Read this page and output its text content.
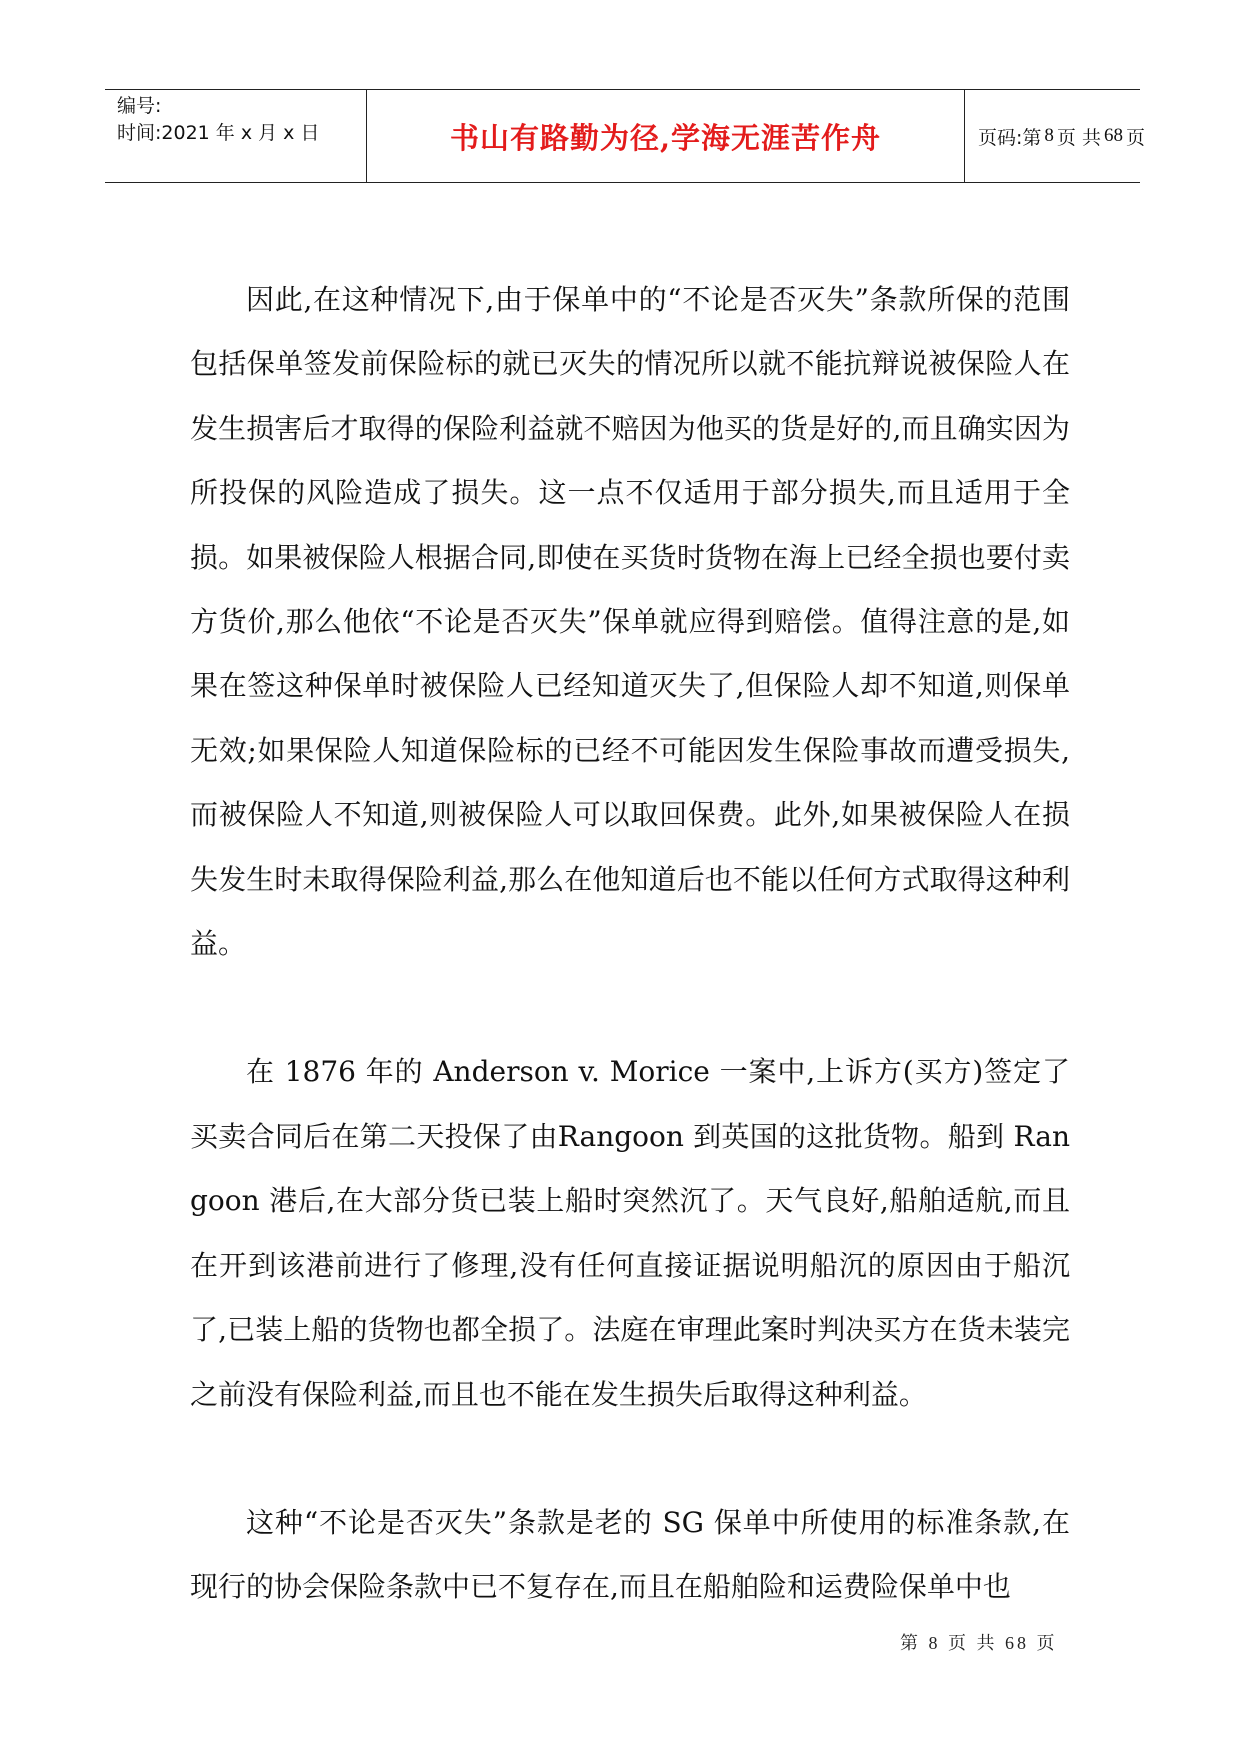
编号:
时间:2021 年 x 月 x 日	书山有路勤为径,学海无涯苦作舟	页码:第 8 页 共 68 页

因此,在这种情况下,由于保单中的“不论是否灭失”条款所保的范围包括保单签发前保险标的就已灭失的情况所以就不能抗辩说被保险人在发生损害后才取得的保险利益就不赔因为他买的货是好的,而且确实因为所投保的风险造成了损失。这一点不仅适用于部分损失,而且适用于全损。如果被保险人根据合同,即使在买货时货物在海上已经全损也要付卖方货价,那么他依“不论是否灭失”保单就应得到赔偿。值得注意的是,如果在签这种保单时被保险人已经知道灭失了,但保险人却不知道,则保单无效;如果保险人知道保险标的已经不可能因发生保险事故而遭受损失,而被保险人不知道,则被保险人可以取回保费。此外,如果被保险人在损失发生时未取得保险利益,那么在他知道后也不能以任何方式取得这种利益。

在 1876 年的 Anderson v. Morice 一案中,上诉方(买方)签定了买卖合同后在第二天投保了由Rangoon 到英国的这批货物。船到 Rangoon 港后,在大部分货已装上船时突然沉了。天气良好,船舶适航,而且在开到该港前进行了修理,没有任何直接证据说明船沉的原因由于船沉了,已装上船的货物也都全损了。法庭在审理此案时判决买方在货未装完之前没有保险利益,而且也不能在发生损失后取得这种利益。

这种“不论是否灭失”条款是老的 SG 保单中所使用的标准条款,在现行的协会保险条款中已不复存在,而且在船舶险和运费险保单中也

第 8 页 共 68 页
